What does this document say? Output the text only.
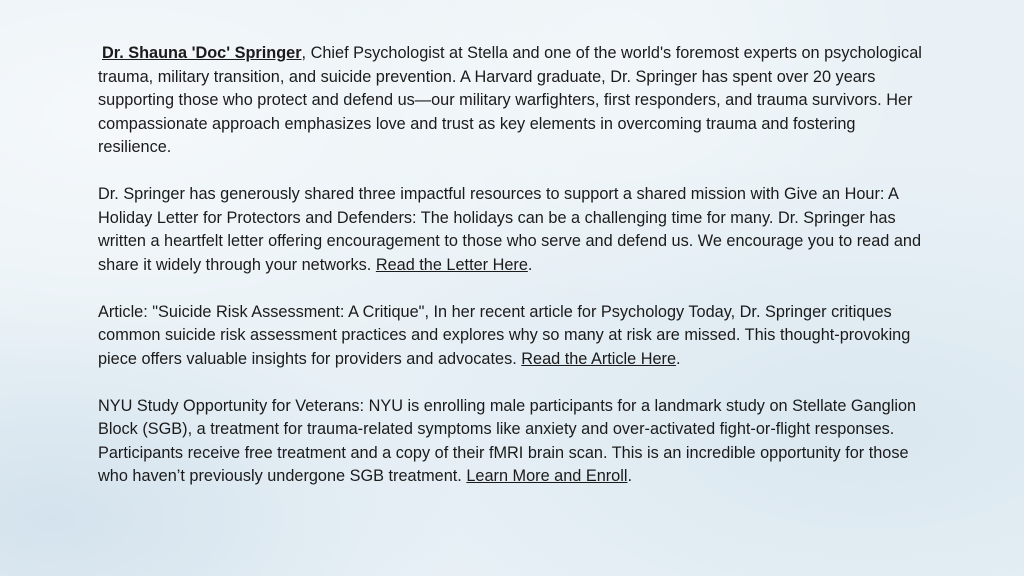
Dr. Shauna 'Doc' Springer, Chief Psychologist at Stella and one of the world's foremost experts on psychological trauma, military transition, and suicide prevention. A Harvard graduate, Dr. Springer has spent over 20 years supporting those who protect and defend us—our military warfighters, first responders, and trauma survivors. Her compassionate approach emphasizes love and trust as key elements in overcoming trauma and fostering resilience.

Dr. Springer has generously shared three impactful resources to support a shared mission with Give an Hour: A Holiday Letter for Protectors and Defenders: The holidays can be a challenging time for many. Dr. Springer has written a heartfelt letter offering encouragement to those who serve and defend us. We encourage you to read and share it widely through your networks. Read the Letter Here.

Article: "Suicide Risk Assessment: A Critique", In her recent article for Psychology Today, Dr. Springer critiques common suicide risk assessment practices and explores why so many at risk are missed. This thought-provoking piece offers valuable insights for providers and advocates. Read the Article Here.

NYU Study Opportunity for Veterans: NYU is enrolling male participants for a landmark study on Stellate Ganglion Block (SGB), a treatment for trauma-related symptoms like anxiety and over-activated fight-or-flight responses. Participants receive free treatment and a copy of their fMRI brain scan. This is an incredible opportunity for those who haven’t previously undergone SGB treatment. Learn More and Enroll.
